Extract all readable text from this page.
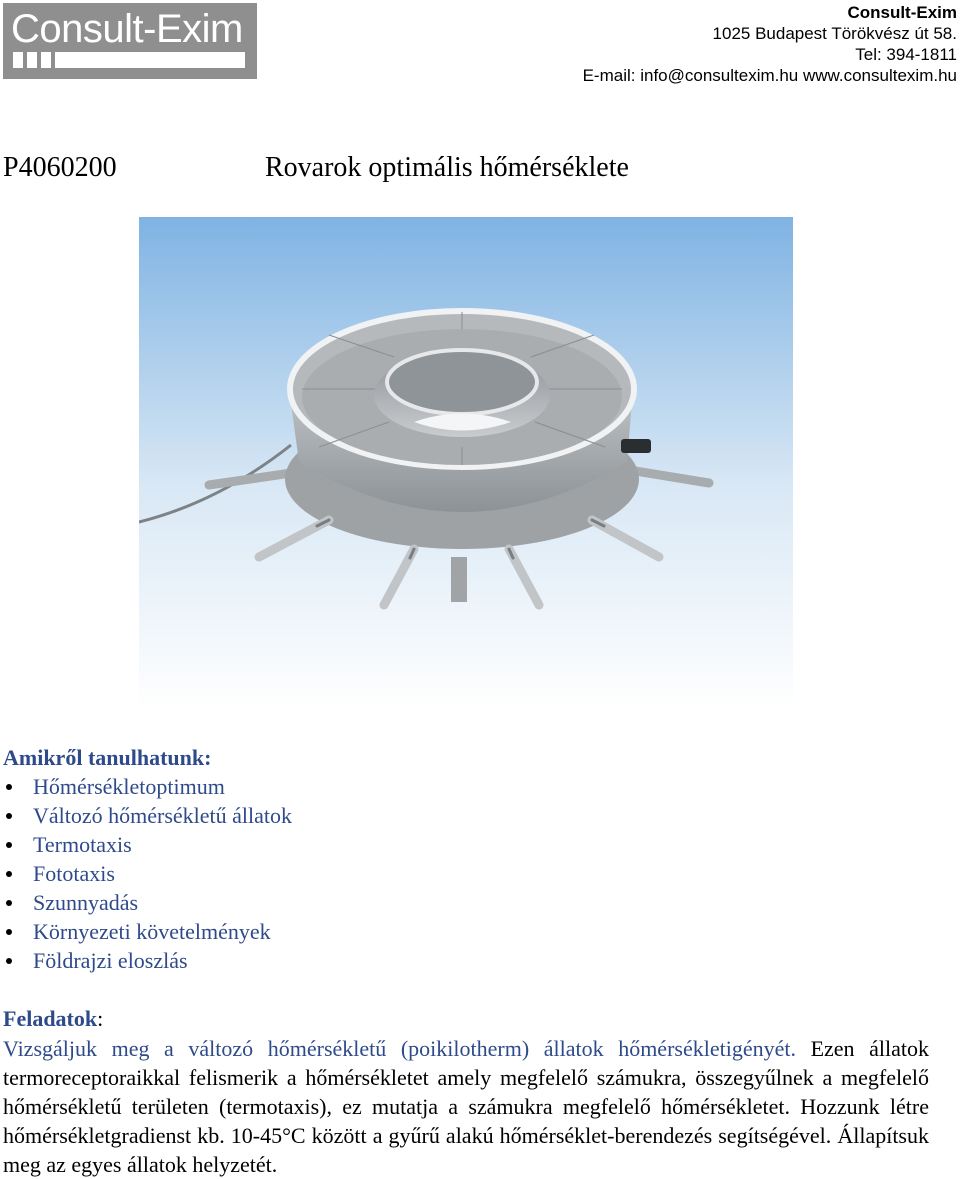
Consult-Exim	Consult-Exim
1025 Budapest Törökvész út 58.
Tel: 394-1811
E-mail: info@consultexim.hu www.consultexim.hu
P4060200	Rovarok optimális hőmérséklete
Amikről tanulhatunk:
Hőmérsékletoptimum
Változó hőmérsékletű állatok
Termotaxis
Fototaxis
Szunnyadás
Környezeti követelmények
Földrajzi eloszlás
Feladatok:

Vizsgáljuk meg a változó hőmérsékletű (poikilotherm) állatok hőmérsékletigényét. Ezen állatok termoreceptoraikkal felismerik a hőmérsékletet amely megfelelő számukra, összegyűlnek a megfelelő hőmérsékletű területen (termotaxis), ez mutatja a számukra megfelelő hőmérsékletet. Hozzunk létre hőmérsékletgradienst kb. 10-45°C között a gyűrű alakú hőmérséklet-berendezés segítségével. Állapítsuk meg az egyes állatok helyzetét.
